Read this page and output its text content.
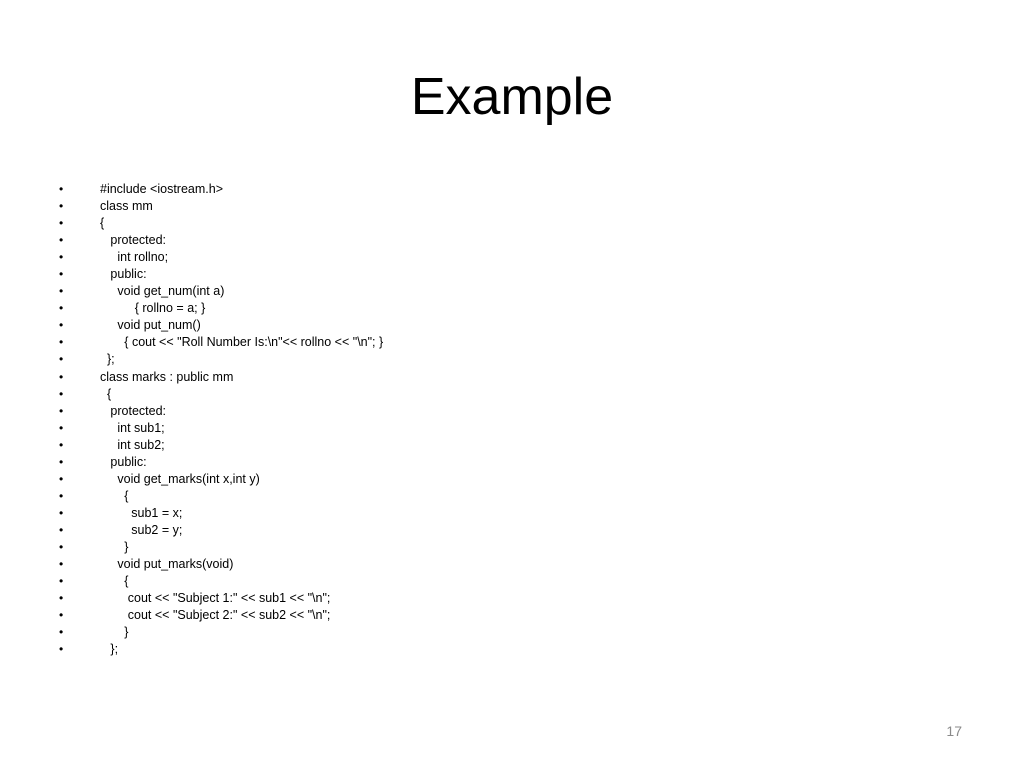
Example
•	#include <iostream.h>
•	class mm
•	{
•	protected:
•	int rollno;
•	public:
•	void get_num(int a)
•	{ rollno = a; }
•	void put_num()
•	{ cout << "Roll Number Is:\n"<< rollno << "\n"; }
•	};
•	class marks : public mm
•	{
•	protected:
•	int sub1;
•	int sub2;
•	public:
•	void get_marks(int x,int y)
•	{
•	sub1 = x;
•	sub2 = y;
•	}
•	void put_marks(void)
•	{
•	cout << "Subject 1:" << sub1 << "\n";
•	cout << "Subject 2:" << sub2 << "\n";
•	}
•	};
17
